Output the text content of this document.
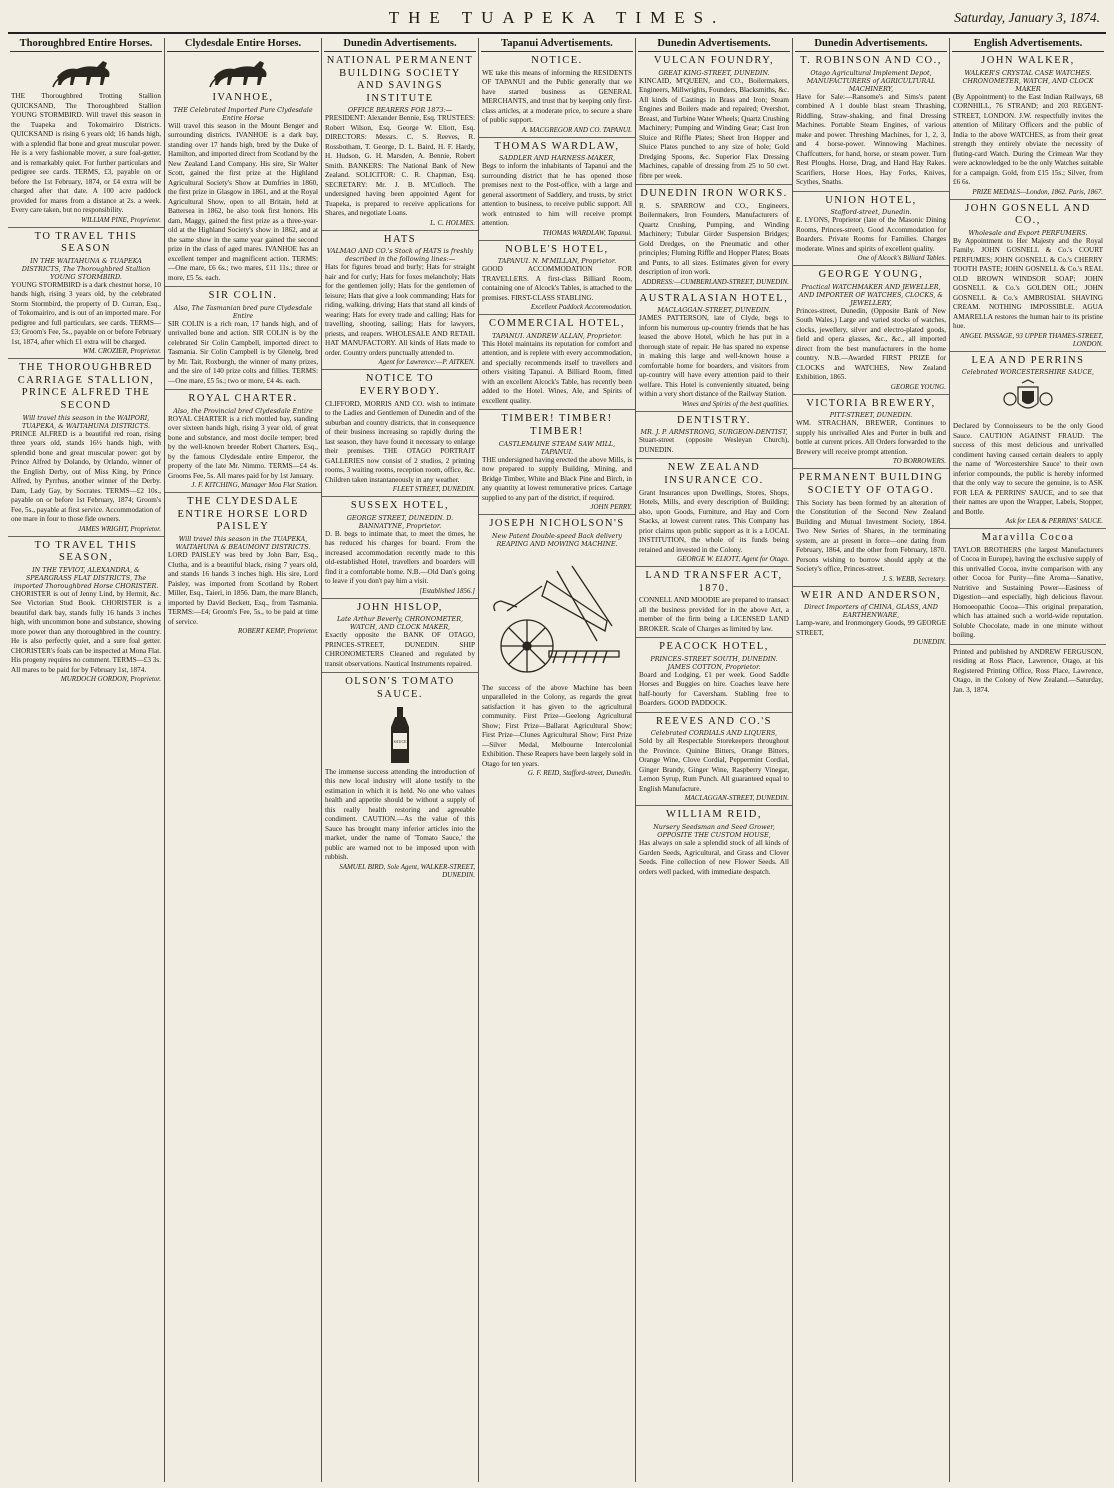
THE TUAPEKA TIMES.	Saturday, January 3, 1874.
Thoroughbred Entire Horses.
THE Thoroughbred Trotting Stallion QUICKSAND, The Thoroughbred Stallion YOUNG STORMBIRD. Will travel this season in the Tuapeka and Tokomairiro Districts. QUICKSAND is rising 6 years old; 16 hands high, with a splendid flat bone and great muscular power. He is a very fashionable mover, a sure foal-getter, and is remarkably quiet. For further particulars and pedigree see cards. TERMS, £3, payable on or before the 1st February, 1874, or £4 extra will be charged after that date. A 100 acre paddock provided for mares from a distance at 2s. a week. Every care taken, but no responsibility.
WILLIAM PINE, Proprietor.
TO TRAVEL THIS SEASON
IN THE WAITAHUNA & TUAPEKA DISTRICTS, The Thoroughbred Stallion YOUNG STORMBIRD.
YOUNG STORMBIRD is a dark chestnut horse, 10 hands high, rising 3 years old, by the celebrated Storm Stormbird, the property of D. Curran, Esq., of Tokomairiro, and is out of an imported mare. For pedigree and full particulars, see cards. TERMS—£3; Groom's Fee, 5s., payable on or before February 1st, 1874, after which £1 extra will be charged.
WM. CROZIER, Proprietor.
THE THOROUGHBRED CARRIAGE STALLION, PRINCE ALFRED THE SECOND
Will travel this season in the WAIPORI, TUAPEKA, & WAITAHUNA DISTRICTS.
PRINCE ALFRED is a beautiful red roan, rising three years old, stands 16½ hands high, with splendid bone and great muscular power: got by Prince Alfred by Dolando, by Orlando, winner of the English Derby, out of Miss King, by Prince Alfred, by Pyrrhus, another winner of the Derby. Dam, Lady Gay, by Socrates. TERMS—£2 10s., payable on or before 1st February, 1874; Groom's Fee, 5s., payable at first service. Accommodation of one mare in four to those fide owners.
JAMES WRIGHT, Proprietor.
TO TRAVEL THIS SEASON,
IN THE TEVIOT, ALEXANDRA, & SPEARGRASS FLAT DISTRICTS, The imported Thoroughbred Horse CHORISTER.
CHORISTER is out of Jenny Lind, by Hermit, &c. See Victorian Stud Book. CHORISTER is a beautiful dark bay, stands fully 16 hands 3 inches high, with uncommon bone and substance, showing more power than any thoroughbred in the country. He is also perfectly quiet, and a sure foal getter. CHORISTER's foals can be inspected at Mona Flat. His progeny requires no comment. TERMS—£3 3s. All mares to be paid for by February 1st, 1874.
MURDOCH GORDON, Proprietor.
Clydesdale Entire Horses.
IVANHOE,
THE Celebrated Imported Pure Clydesdale Entire Horse
Will travel this season in the Mount Benger and surrounding districts. IVANHOE is a dark bay, standing over 17 hands high, bred by the Duke of Hamilton, and imported direct from Scotland by the New Zealand Land Company. His sire, Sir Walter Scott, gained the first prize at the Highland Agricultural Society's Show at Dumfries in 1860, the first prize in Glasgow in 1861, and at the Royal Agricultural Show, open to all Britain, held at Battersea in 1862, he also took first honors. His dam, Maggy, gained the first prize as a three-year-old at the Highland Society's show in 1862, and at the same show in the same year gained the second prize in the class of aged mares. IVANHOE has an excellent temper and magnificent action. TERMS:—One mare, £6 6s.; two mares, £11 11s.; three or more, £5 5s. each.
SIR COLIN.
Also, The Tasmanian bred pure Clydesdale Entire
SIR COLIN is a rich roan, 17 hands high, and of unrivalled bone and action. SIR COLIN is by the celebrated Sir Colin Campbell, imported direct to Tasmania. Sir Colin Campbell is by Glenelg, bred by Mr. Tait, Roxburgh, the winner of many prizes, and the sire of 140 prize colts and fillies. TERMS:—One mare, £5 5s.; two or more, £4 4s. each.
ROYAL CHARTER.
Also, the Provincial bred Clydesdale Entire
ROYAL CHARTER is a rich mottled bay, standing over sixteen hands high, rising 3 year old, of great bone and substance, and most docile temper; bred by the well-known breeder Robert Charters, Esq., by the famous Clydesdale entire Emperor, the property of the late Mr. Nimmo. TERMS—£4 4s. Grooms Fee, 5s. All mares paid for by 1st January.
J. F. KITCHING, Manager Moa Flat Station.
THE CLYDESDALE ENTIRE HORSE LORD PAISLEY
Will travel this season in the TUAPEKA, WAITAHUNA & BEAUMONT DISTRICTS.
LORD PAISLEY was bred by John Barr, Esq., Clutha, and is a beautiful black, rising 7 years old, and stands 16 hands 3 inches high. His sire, Lord Paisley, was imported from Scotland by Robert Miller, Esq., Taieri, in 1856. Dam, the mare Blanch, imported by David Beckett, Esq., from Tasmania. TERMS:—£4; Groom's Fee, 5s., to be paid at time of service.
ROBERT KEMP, Proprietor.
Dunedin Advertisements.
NATIONAL PERMANENT BUILDING SOCIETY AND SAVINGS INSTITUTE
OFFICE BEARERS FOR 1873:—
PRESIDENT: Alexander Bennie, Esq. TRUSTEES: Robert Wilson, Esq. George W. Eliott, Esq. DIRECTORS: Messrs. C. S. Reeves, R. Rossbotham, T. George, D. L. Baird, H. F. Hardy, H. Hudson, G. H. Marsden, A. Bennie, Robert Smith. BANKERS: The National Bank of New Zealand. SOLICITOR: C. R. Chapman, Esq. SECRETARY: Mr. J. B. M'Culloch. The undersigned having been appointed Agent for Tuapeka, is prepared to receive applications for Shares, and negotiate Loans.
L. C. HOLMES.
HATS
VALMAO AND CO.'s Stock of HATS is freshly described in the following lines:—
Hats for figures broad and burly; Hats for straight hair and for curly; Hats for foxes melancholy; Hats for the gentlemen jolly; Hats for the gentlemen of leisure; Hats that give a look commanding; Hats for riding, walking, driving; Hats that stand all kinds of wearing; Hats for every trade and calling; Hats for travelling, shooting, sailing; Hats for lawyers, priests, and reapers. WHOLESALE AND RETAIL HAT MANUFACTORY. All kinds of Hats made to order. Country orders punctually attended to.
Agent for Lawrence:—P. AITKEN.
NOTICE TO EVERYBODY.
CLIFFORD, MORRIS AND CO. wish to intimate to the Ladies and Gentlemen of Dunedin and of the suburban and country districts, that in consequence of their business increasing so rapidly during the last season, they have found it necessary to enlarge their premises. THE OTAGO PORTRAIT GALLERIES now consist of 2 studios, 2 printing rooms, 3 waiting rooms, reception room, office, &c. Children taken instantaneously in any weather.
FLEET STREET, DUNEDIN.
SUSSEX HOTEL,
GEORGE STREET, DUNEDIN. D. BANNATYNE, Proprietor.
D. B. begs to intimate that, to meet the times, he has reduced his charges for board. From the increased accommodation recently made to this old-established Hotel, travellers and boarders will find it a comfortable home. N.B.—Old Dan's going to leave if you don't pay him a visit.
[Established 1856.]
JOHN HISLOP,
Late Arthur Beverly, CHRONOMETER, WATCH, AND CLOCK MAKER,
Exactly opposite the BANK OF OTAGO, PRINCES-STREET, DUNEDIN. SHIP CHRONOMETERS Cleaned and regulated by transit observations. Nautical Instruments repaired.
OLSON'S TOMATO SAUCE.
SAUCE
The immense success attending the introduction of this new local industry will alone testify to the estimation in which it is held. No one who values health and appetite should be without a supply of this really health restoring and agreeable condiment. CAUTION.—As the value of this Sauce has brought many inferior articles into the market, under the name of 'Tomato Sauce,' the public are warned not to be imposed upon with rubbish.
SAMUEL BIRD, Sole Agent, WALKER-STREET, DUNEDIN.
Tapanui Advertisements.
NOTICE.
WE take this means of informing the RESIDENTS OF TAPANUI and the Public generally that we have started business as GENERAL MERCHANTS, and trust that by keeping only first-class articles, at a moderate price, to secure a share of public support.
A. MACGREGOR AND CO. TAPANUI.
THOMAS WARDLAW,
SADDLER AND HARNESS-MAKER,
Begs to inform the inhabitants of Tapanui and the surrounding district that he has opened those premises next to the Post-office, with a large and general assortment of Saddlery, and trusts, by strict attention to business, to receive public support. All work entrusted to him will receive prompt attention.
THOMAS WARDLAW, Tapanui.
NOBLE'S HOTEL,
TAPANUI. N. M'MILLAN, Proprietor.
GOOD ACCOMMODATION FOR TRAVELLERS. A first-class Billiard Room, containing one of Alcock's Tables, is attached to the premises. FIRST-CLASS STABLING.
Excellent Paddock Accommodation.
COMMERCIAL HOTEL,
TAPANUI. ANDREW ALLAN, Proprietor.
This Hotel maintains its reputation for comfort and attention, and is replete with every accommodation, and specially recommends itself to travellers and others visiting Tapanui. A Billiard Room, fitted with an excellent Alcock's Table, has recently been added to the Hotel. Wines, Ale, and Spirits of excellent quality.
TIMBER! TIMBER! TIMBER!
CASTLEMAINE STEAM SAW MILL, TAPANUI.
THE undersigned having erected the above Mills, is now prepared to supply Building, Mining, and Bridge Timber, White and Black Pine and Birch, in any quantity at lowest remunerative prices. Cartage supplied to any part of the district, if required.
JOHN PERRY.
JOSEPH NICHOLSON'S
New Patent Double-speed Back delivery REAPING AND MOWING MACHINE.
The success of the above Machine has been unparalleled in the Colony, as regards the great satisfaction it has given to the agricultural community. First Prize—Geelong Agricultural Show; First Prize—Ballarat Agricultural Show; First Prize—Clunes Agricultural Show; First Prize—Silver Medal, Melbourne Intercolonial Exhibition. These Reapers have been largely sold in Otago for ten years.
G. F. REID, Stafford-street, Dunedin.
Dunedin Advertisements.
VULCAN FOUNDRY,
GREAT KING-STREET, DUNEDIN.
KINCAID, M'QUEEN, and CO., Boilermakers, Engineers, Millwrights, Founders, Blacksmiths, &c. All kinds of Castings in Brass and Iron; Steam Engines and Boilers made and repaired; Overshot, Breast, and Turbine Water Wheels; Quartz Crushing Machinery; Pumping and Winding Gear; Cast Iron Sluice and Riffle Plates; Sheet Iron Hopper and Sluice Plates punched to any size of hole; Gold Dredging Spoons, &c. Superior Flax Dressing Machines, capable of dressing from 25 to 50 cwt. fibre per week.
DUNEDIN IRON WORKS.
R. S. SPARROW and CO., Engineers, Boilermakers, Iron Founders, Manufacturers of Quartz Crushing, Pumping, and Winding Machinery; Tubular Girder Suspension Bridges; Gold Dredges, on the Pneumatic and other principles; Fluming Riffle and Hopper Plates; Boats and Punts, to all sizes. Estimates given for every description of iron work.
ADDRESS:—CUMBERLAND-STREET, DUNEDIN.
AUSTRALASIAN HOTEL,
MACLAGGAN-STREET, DUNEDIN.
JAMES PATTERSON, late of Clyde, begs to inform his numerous up-country friends that he has leased the above Hotel, which he has put in a thorough state of repair. He has spared no expense in making this large and well-known house a comfortable home for boarders, and visitors from up-country will have every attention paid to their welfare. This Hotel is conveniently situated, being within a very short distance of the Railway Station.
Wines and Spirits of the best qualities.
DENTISTRY.
MR. J. P. ARMSTRONG, SURGEON-DENTIST,
Stuart-street (opposite Wesleyan Church), DUNEDIN.
NEW ZEALAND INSURANCE CO.
Grant Insurances upon Dwellings, Stores, Shops, Hotels, Mills, and every description of Building; also, upon Goods, Furniture, and Hay and Corn Stacks, at lowest current rates. This Company has prior claims upon public support as it is a LOCAL INSTITUTION, the whole of its funds being retained and invested in the Colony.
GEORGE W. ELIOTT, Agent for Otago.
LAND TRANSFER ACT, 1870.
CONNELL AND MOODIE are prepared to transact all the business provided for in the above Act, a member of the firm being a LICENSED LAND BROKER. Scale of Charges as limited by law.
PEACOCK HOTEL,
PRINCES-STREET SOUTH, DUNEDIN. JAMES COTTON, Proprietor.
Board and Lodging, £1 per week. Good Saddle Horses and Buggies on hire. Coaches leave here half-hourly for Caversham. Stabling free to Boarders. GOOD PADDOCK.
REEVES AND CO.'S
Celebrated CORDIALS AND LIQUERS,
Sold by all Respectable Storekeepers throughout the Province. Quinine Bitters, Orange Bitters, Orange Wine, Clove Cordial, Peppermint Cordial, Ginger Brandy, Ginger Wine, Raspberry Vinegar, Lemon Syrup, Rum Punch. All guaranteed equal to English Manufacture.
MACLAGGAN-STREET, DUNEDIN.
WILLIAM REID,
Nursery Seedsman and Seed Grower, OPPOSITE THE CUSTOM HOUSE,
Has always on sale a splendid stock of all kinds of Garden Seeds, Agricultural, and Grass and Clover Seeds. Fine collection of new Flower Seeds. All orders well packed, with immediate despatch.
Dunedin Advertisements.
T. ROBINSON AND CO.,
Otago Agricultural Implement Depot, MANUFACTURERS of AGRICULTURAL MACHINERY,
Have for Sale:—Ransome's and Sims's patent combined A 1 double blast steam Thrashing, Riddling, Straw-shaking, and final Dressing Machines. Portable Steam Engines, of various make and power. Threshing Machines, for 1, 2, 3, and 4 horse-power. Winnowing Machines. Chaffcutters, for hand, horse, or steam power. Turn Rest Ploughs. Horse, Drag, and Hand Hay Rakes. Scarifiers, Horse Hoes, Hay Forks, Knives, Scythes, Snaths.
UNION HOTEL,
Stafford-street, Dunedin.
E. LYONS, Proprietor (late of the Masonic Dining Rooms, Princes-street). Good Accommodation for Boarders. Private Rooms for Families. Charges moderate. Wines and spirits of excellent quality.
One of Alcock's Billiard Tables.
GEORGE YOUNG,
Practical WATCHMAKER AND JEWELLER, AND IMPORTER OF WATCHES, CLOCKS, & JEWELLERY,
Princes-street, Dunedin, (Opposite Bank of New South Wales.) Large and varied stocks of watches, clocks, jewellery, silver and electro-plated goods, field and opera glasses, &c., &c., all imported direct from the best manufacturers in the home country. N.B.—Awarded FIRST PRIZE for CLOCKS and WATCHES, New Zealand Exhibition, 1865.
GEORGE YOUNG.
VICTORIA BREWERY,
PITT-STREET, DUNEDIN.
WM. STRACHAN, BREWER, Continues to supply his unrivalled Ales and Porter in bulk and bottle at current prices. All Orders forwarded to the Brewery will receive prompt attention.
TO BORROWERS.
PERMANENT BUILDING SOCIETY OF OTAGO.
This Society has been formed by an alteration of the Constitution of the Second New Zealand Building and Mutual Investment Society, 1864. Two New Series of Shares, in the terminating system, are at present in force—one dating from February, 1864, and the other from February, 1870. Persons wishing to borrow should apply at the Society's office, Princes-street.
J. S. WEBB, Secretary.
WEIR AND ANDERSON,
Direct Importers of CHINA, GLASS, AND EARTHENWARE,
Lamp-ware, and Ironmongery Goods, 99 GEORGE STREET,
DUNEDIN.
English Advertisements.
JOHN WALKER,
WALKER'S CRYSTAL CASE WATCHES. CHRONOMETER, WATCH, AND CLOCK MAKER
(By Appointment) to the East Indian Railways, 68 CORNHILL, 76 STRAND; and 203 REGENT-STREET, LONDON. J.W. respectfully invites the attention of Military Officers and the public of India to the above WATCHES, as from their great strength they entirely obviate the necessity of fluting-card Watch. During the Crimean War they were acknowledged to be the only Watches suitable for a campaign. Gold, from £15 15s.; Silver, from £6 6s.
PRIZE MEDALS—London, 1862. Paris, 1867.
JOHN GOSNELL AND CO.,
Wholesale and Export PERFUMERS.
By Appointment to Her Majesty and the Royal Family. JOHN GOSNELL & Co.'s COURT PERFUMES; JOHN GOSNELL & Co.'s CHERRY TOOTH PASTE; JOHN GOSNELL & Co.'s REAL OLD BROWN WINDSOR SOAP; JOHN GOSNELL & Co.'s GOLDEN OIL; JOHN GOSNELL & Co.'s AMBROSIAL SHAVING CREAM. NOTHING IMPOSSIBLE. AGUA AMARELLA restores the human hair to its pristine hue.
ANGEL PASSAGE, 93 UPPER THAMES-STREET, LONDON.
LEA AND PERRINS
Celebrated WORCESTERSHIRE SAUCE,
Declared by Connoisseurs to be the only Good Sauce. CAUTION AGAINST FRAUD. The success of this most delicious and unrivalled condiment having caused certain dealers to apply the name of 'Worcestershire Sauce' to their own inferior compounds, the public is hereby informed that the only way to secure the genuine, is to ASK FOR LEA & PERRINS' SAUCE, and to see that their names are upon the Wrapper, Labels, Stopper, and Bottle.
Ask for LEA & PERRINS' SAUCE.
Maravilla Cocoa
TAYLOR BROTHERS (the largest Manufacturers of Cocoa in Europe), having the exclusive supply of this unrivalled Cocoa, invite comparison with any other Cocoa for Purity—fine Aroma—Sanative, Nutritive and Sustaining Power—Easiness of Digestion—and especially, high delicious flavour. Homoeopathic Cocoa—This original preparation, which has attained such a world-wide reputation. Soluble Chocolate, made in one minute without boiling.
Printed and published by ANDREW FERGUSON, residing at Ross Place, Lawrence, Otago, at his Registered Printing Office, Ross Place, Lawrence, Otago, in the Colony of New Zealand.—Saturday, Jan. 3, 1874.
